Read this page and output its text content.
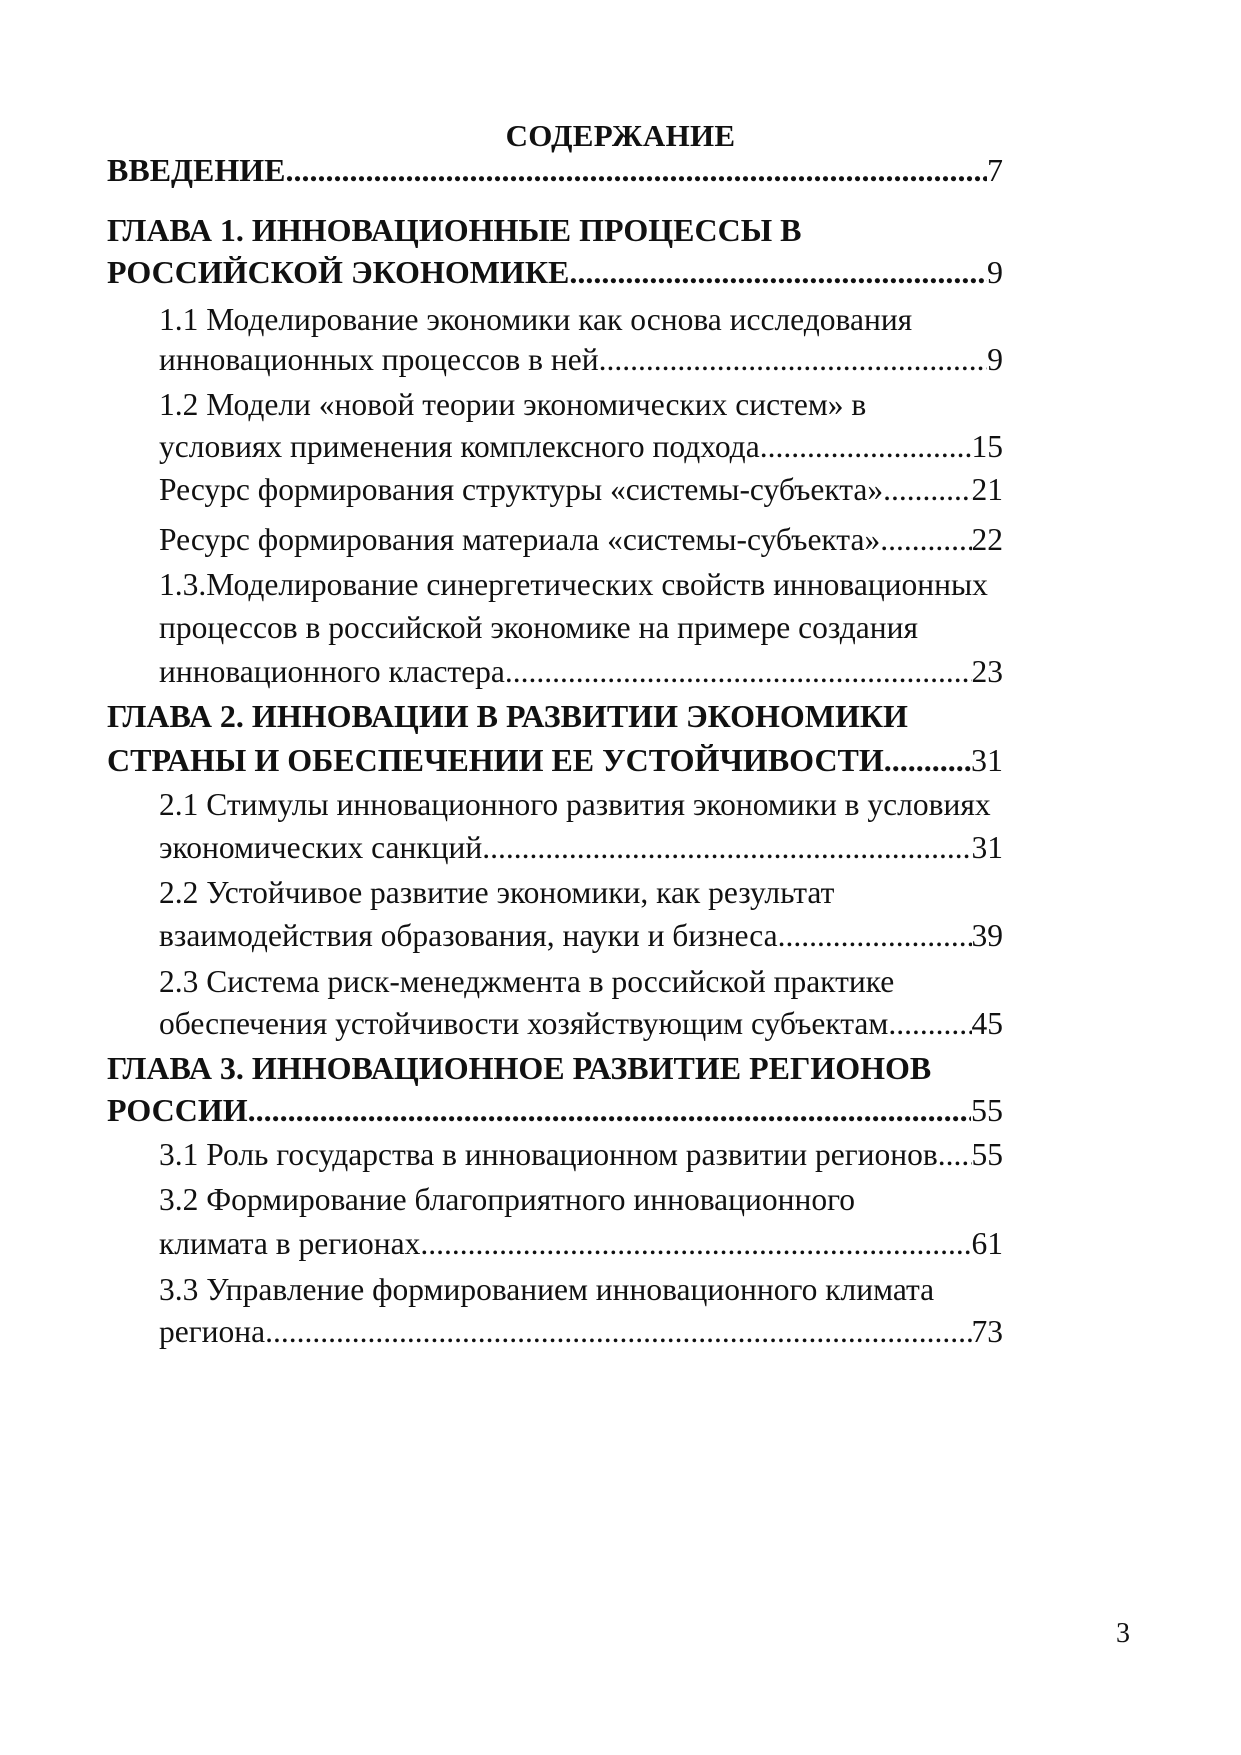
СОДЕРЖАНИЕ
ВВЕДЕНИЕ .....	7
ГЛАВА 1. ИННОВАЦИОННЫЕ ПРОЦЕССЫ В
РОССИЙСКОЙ ЭКОНОМИКЕ .....	9
1.1 Моделирование экономики как основа исследования
инновационных процессов в ней .....	9
1.2 Модели «новой теории экономических систем» в
условиях применения комплексного подхода .....	15
Ресурс формирования структуры «системы-субъекта» .....	21
Ресурс формирования материала «системы-субъекта» .....	22
1.3.Моделирование синергетических свойств инновационных
процессов в российской экономике на примере создания
инновационного кластера .....	23
ГЛАВА 2. ИННОВАЦИИ В РАЗВИТИИ ЭКОНОМИКИ
СТРАНЫ И ОБЕСПЕЧЕНИИ ЕЕ УСТОЙЧИВОСТИ .....	31
2.1 Стимулы инновационного развития экономики в условиях
экономических санкций .....	31
2.2 Устойчивое развитие экономики, как результат
взаимодействия образования, науки и бизнеса .....	39
2.3 Система риск-менеджмента в российской практике
обеспечения устойчивости хозяйствующим субъектам .....	45
ГЛАВА 3. ИННОВАЦИОННОЕ РАЗВИТИЕ РЕГИОНОВ
РОССИИ .....	55
3.1 Роль государства в инновационном развитии регионов ..... 55
3.2 Формирование благоприятного инновационного
климата в регионах .....	61
3.3 Управление формированием инновационного климата
региона .....	73
3
